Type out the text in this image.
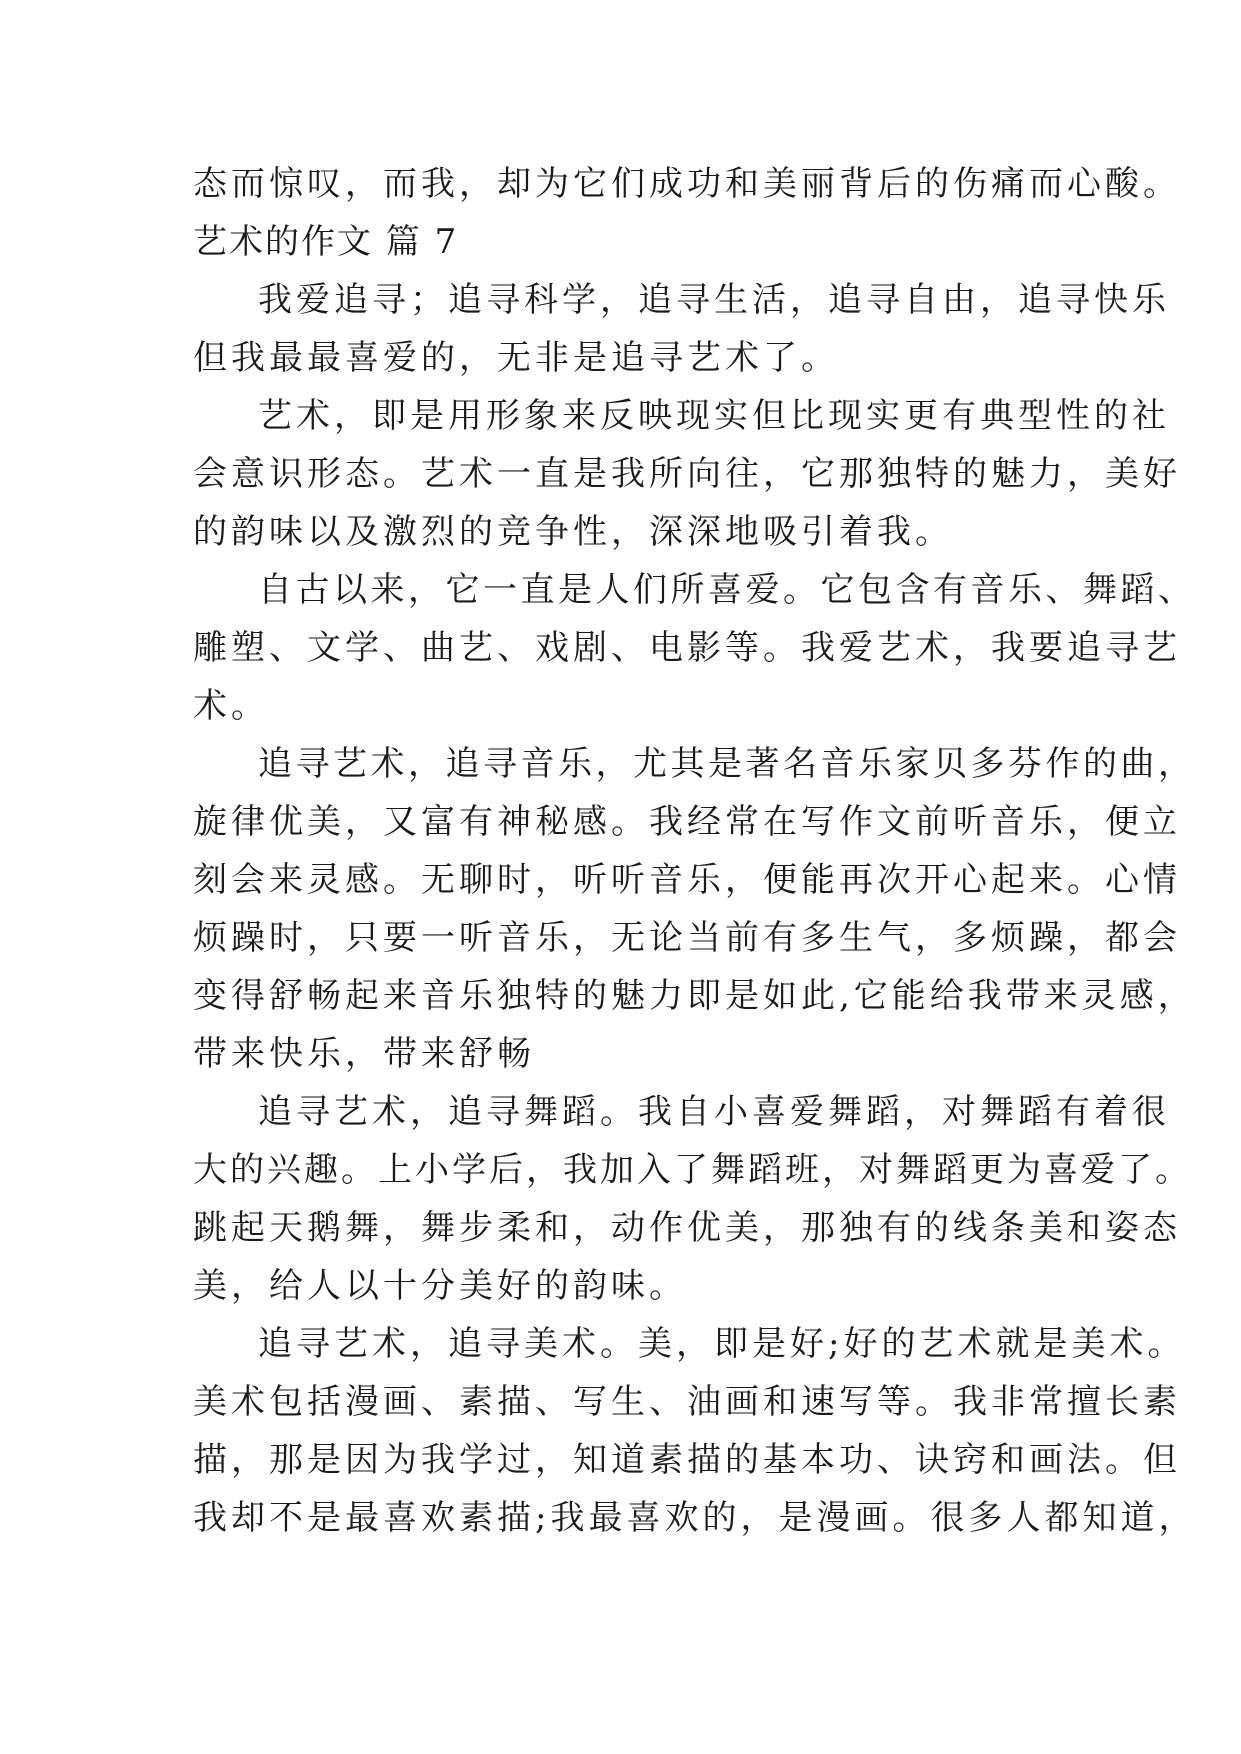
态而惊叹，而我，却为它们成功和美丽背后的伤痛而心酸。
艺术的作文 篇 7
我爱追寻；追寻科学，追寻生活，追寻自由，追寻快乐
但我最最喜爱的，无非是追寻艺术了。
艺术，即是用形象来反映现实但比现实更有典型性的社
会意识形态。艺术一直是我所向往，它那独特的魅力，美好
的韵味以及激烈的竞争性，深深地吸引着我。
自古以来，它一直是人们所喜爱。它包含有音乐、舞蹈、
雕塑、文学、曲艺、戏剧、电影等。我爱艺术，我要追寻艺
术。
追寻艺术，追寻音乐，尤其是著名音乐家贝多芬作的曲，
旋律优美，又富有神秘感。我经常在写作文前听音乐，便立
刻会来灵感。无聊时，听听音乐，便能再次开心起来。心情
烦躁时，只要一听音乐，无论当前有多生气，多烦躁，都会
变得舒畅起来音乐独特的魅力即是如此,它能给我带来灵感，
带来快乐，带来舒畅
追寻艺术，追寻舞蹈。我自小喜爱舞蹈，对舞蹈有着很
大的兴趣。上小学后，我加入了舞蹈班，对舞蹈更为喜爱了。
跳起天鹅舞，舞步柔和，动作优美，那独有的线条美和姿态
美，给人以十分美好的韵味。
追寻艺术，追寻美术。美，即是好;好的艺术就是美术。
美术包括漫画、素描、写生、油画和速写等。我非常擅长素
描，那是因为我学过，知道素描的基本功、诀窍和画法。但
我却不是最喜欢素描;我最喜欢的，是漫画。很多人都知道，
